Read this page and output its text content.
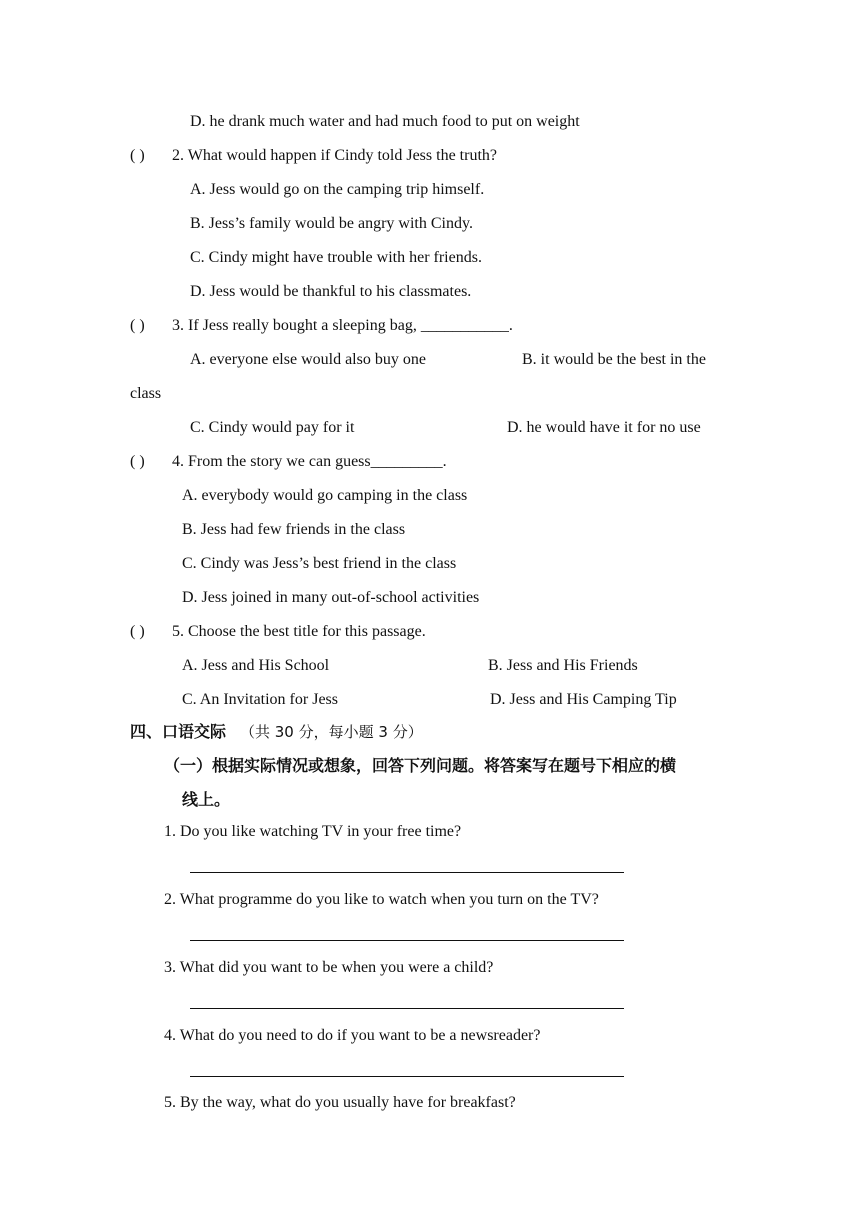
D. he drank much water and had much food to put on weight
( ) 2. What would happen if Cindy told Jess the truth?
A. Jess would go on the camping trip himself.
B. Jess’s family would be angry with Cindy.
C. Cindy might have trouble with her friends.
D. Jess would be thankful to his classmates.
( ) 3. If Jess really bought a sleeping bag, ___________.
A. everyone else would also buy one	B. it would be the best in the
class
C. Cindy would pay for it	D. he would have it for no use
( ) 4. From the story we can guess_________.
A. everybody would go camping in the class
B. Jess had few friends in the class
C. Cindy was Jess’s best friend in the class
D. Jess joined in many out-of-school activities
( ) 5. Choose the best title for this passage.
A. Jess and His School	B. Jess and His Friends
C. An Invitation for Jess	D. Jess and His Camping Tip
四、口语交际 （共 30 分，每小题 3 分）
（一）根据实际情况或想象，回答下列问题。将答案写在题号下相应的横
线上。
1. Do you like watching TV in your free time?
2. What programme do you like to watch when you turn on the TV?
3. What did you want to be when you were a child?
4. What do you need to do if you want to be a newsreader?
5. By the way, what do you usually have for breakfast?
